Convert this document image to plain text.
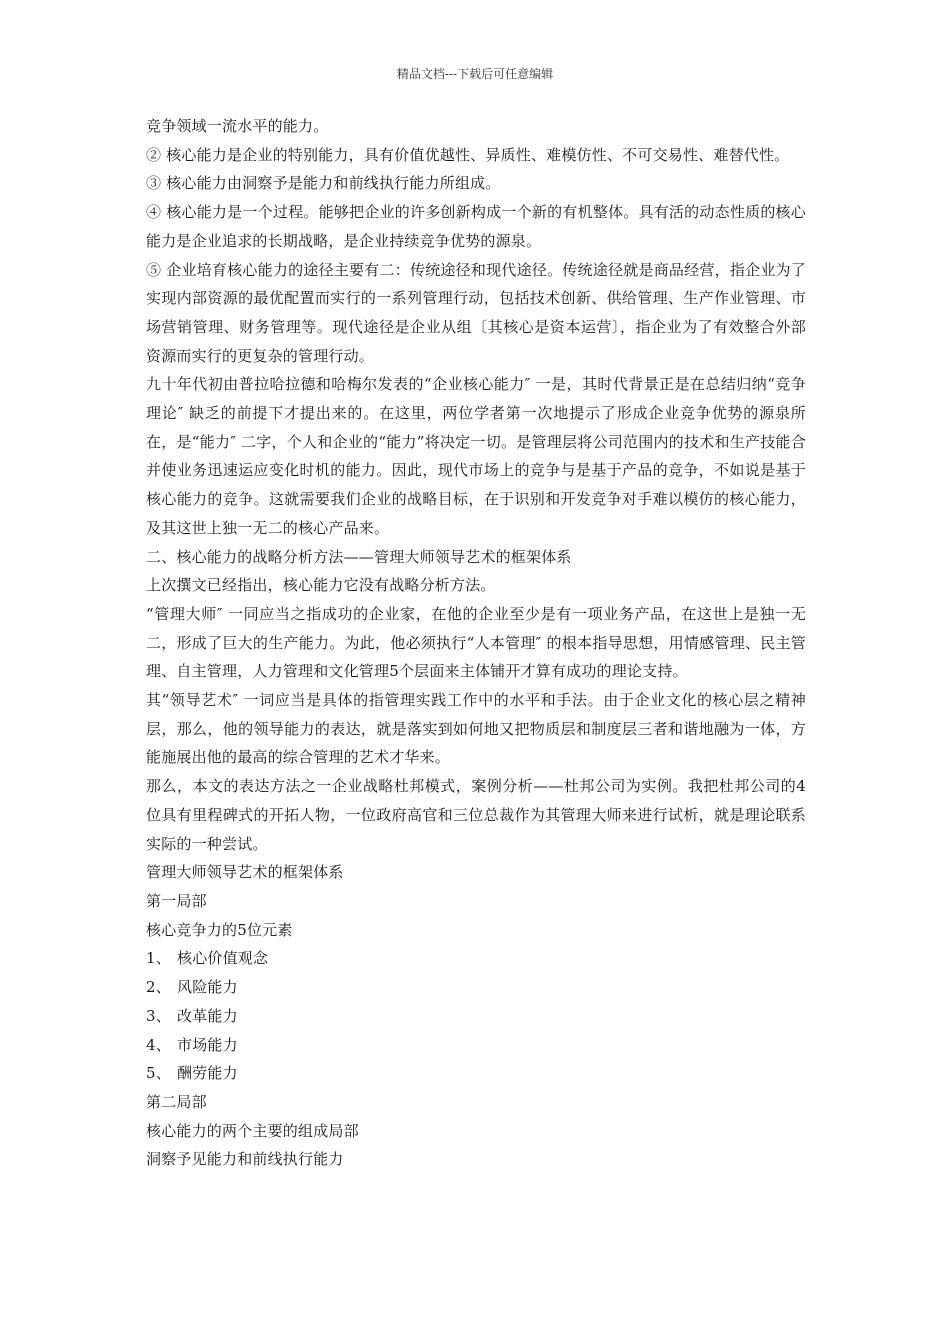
精品文档---下载后可任意编辑

竞争领域一流水平的能力。

② 核心能力是企业的特别能力，具有价值优越性、异质性、难模仿性、不可交易性、难替代性。

③ 核心能力由洞察予是能力和前线执行能力所组成。

④ 核心能力是一个过程。能够把企业的许多创新构成一个新的有机整体。具有活的动态性质的核心能力是企业追求的长期战略，是企业持续竞争优势的源泉。

⑤ 企业培育核心能力的途径主要有二：传统途径和现代途径。传统途径就是商品经营，指企业为了实现内部资源的最优配置而实行的一系列管理行动，包括技术创新、供给管理、生产作业管理、市场营销管理、财务管理等。现代途径是企业从组〔其核心是资本运营〕，指企业为了有效整合外部资源而实行的更复杂的管理行动。

九十年代初由普拉哈拉德和哈梅尔发表的“企业核心能力″ 一是，其时代背景正是在总结归纳“竞争理论″ 缺乏的前提下才提出来的。在这里，两位学者第一次地提示了形成企业竞争优势的源泉所在，是“能力″ 二字，个人和企业的“能力”将决定一切。是管理层将公司范围内的技术和生产技能合并使业务迅速运应变化时机的能力。因此，现代市场上的竞争与是基于产品的竞争，不如说是基于核心能力的竞争。这就需要我们企业的战略目标，在于识别和开发竞争对手难以模仿的核心能力，及其这世上独一无二的核心产品来。

二、核心能力的战略分析方法——管理大师领导艺术的框架体系

上次撰文已经指出，核心能力它没有战略分析方法。

“管理大师″ 一同应当之指成功的企业家，在他的企业至少是有一项业务产品，在这世上是独一无二，形成了巨大的生产能力。为此，他必须执行“人本管理″ 的根本指导思想，用情感管理、民主管理、自主管理，人力管理和文化管理5个层面来主体铺开才算有成功的理论支持。

其“领导艺术″ 一词应当是具体的指管理实践工作中的水平和手法。由于企业文化的核心层之精神层，那么，他的领导能力的表达，就是落实到如何地又把物质层和制度层三者和谐地融为一体，方能施展出他的最高的综合管理的艺术才华来。

那么，本文的表达方法之一企业战略杜邦模式，案例分析——杜邦公司为实例。我把杜邦公司的4位具有里程碑式的开拓人物，一位政府高官和三位总裁作为其管理大师来进行试析，就是理论联系实际的一种尝试。

管理大师领导艺术的框架体系

第一局部

核心竞争力的5位元素

1、 核心价值观念
2、 风险能力
3、 改革能力
4、 市场能力
5、 酬劳能力

第二局部

核心能力的两个主要的组成局部

洞察予见能力和前线执行能力
